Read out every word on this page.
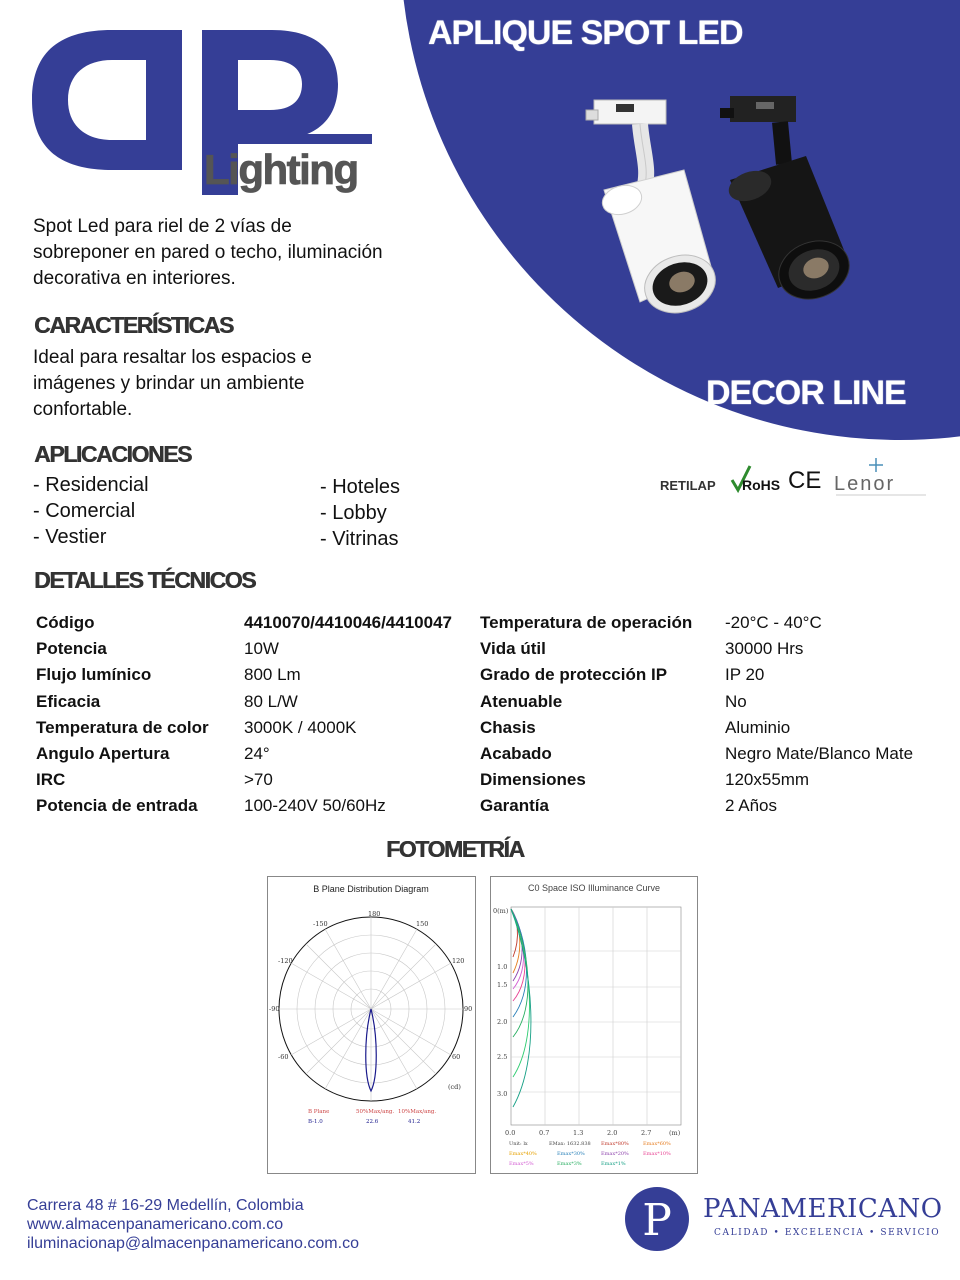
APLIQUE SPOT LED
DECOR LINE
Lighting
Spot Led para riel de 2 vías de sobreponer en pared o techo, iluminación decorativa en interiores.
CARACTERÍSTICAS
Ideal para resaltar los espacios e imágenes y brindar un ambiente confortable.
APLICACIONES
- Residencial
- Comercial
- Vestier
- Hoteles
- Lobby
- Vitrinas
RETILAP RoHS CE Lenor
DETALLES TÉCNICOS
Código	4410070/4410046/4410047	Temperatura de operación	-20°C - 40°C
Potencia	10W	Vida útil	30000 Hrs
Flujo lumínico	800 Lm	Grado de protección IP	IP 20
Eficacia	80 L/W	Atenuable	No
Temperatura de color	3000K / 4000K	Chasis	Aluminio
Angulo Apertura	24°	Acabado	Negro Mate/Blanco Mate
IRC	>70	Dimensiones	120x55mm
Potencia de entrada	100-240V 50/60Hz	Garantía	2 Años
FOTOMETRÍA
B Plane Distribution Diagram
180
150
120
90
60
-60
-90
-120
-150
(cd)
B Plane	50%Max/ang. 10%Max/ang.
B-1.0	22.6	41.2
C0 Space ISO Illuminance Curve
0(m)
1.0
1.5
2.0
2.5
3.0
0.0	0.7	1.3	2.0	2.7	(m)
Unit: lx	EMax: 1632.838 Emax*80%	Emax*60%
Emax*40%	Emax*30%	Emax*20%	Emax*10%
Emax*5%	Emax*3%	Emax*1%
Carrera 48 # 16-29 Medellín, Colombia
www.almacenpanamericano.com.co
iluminacionap@almacenpanamericano.com.co	P PANAMERICANO
CALIDAD • EXCELENCIA • SERVICIO
